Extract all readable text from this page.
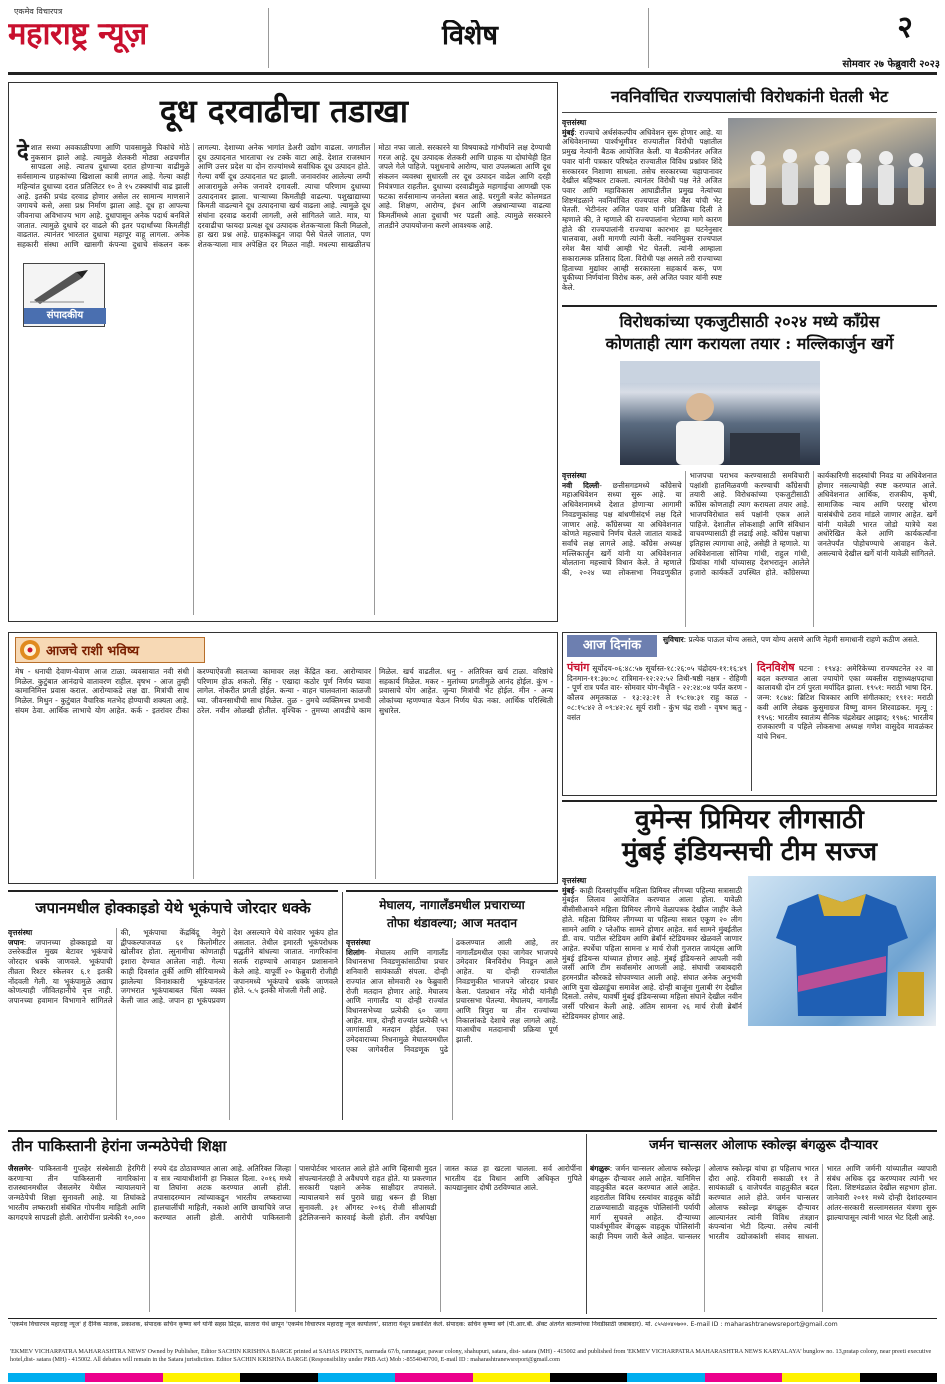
एकमेव विचारपत्र
महाराष्ट्र न्यूज़	विशेष	२
सोमवार २७ फेब्रुवारी २०२३
दूध दरवाढीचा तडाखा
संपादकीय
देशात सध्या अवकाळीपणा आणि पावसामुळे पिकांचे मोठे नुकसान झाले आहे. त्यामुळे शेतकरी मोठ्या अडचणीत सापडला आहे. त्यातच दुधाच्या दरात होणाऱ्या वाढीमुळे सर्वसामान्य ग्राहकांच्या खिशाला कात्री लागत आहे. गेल्या काही महिन्यांत दुधाच्या दरात प्रतिलिटर १० ते १५ टक्क्यांची वाढ झाली आहे. इतकी प्रचंड दरवाढ होणार असेल तर सामान्य माणसाने जगायचे कसे, असा प्रश्न निर्माण झाला आहे. दूध हा आपल्या जीवनाचा अविभाज्य भाग आहे. दुधापासून अनेक पदार्थ बनविले जातात. त्यामुळे दुधाचे दर वाढले की इतर पदार्थांच्या किमतीही वाढतात. त्यानंतर भारतात दुधाचा महापूर वाहू लागला. अनेक सहकारी संस्था आणि खासगी कंपन्या दुधाचे संकलन करू लागल्या. देशाच्या अनेक भागांत डेअरी उद्योग वाढला. जगातील दूध उत्पादनात भारताचा २४ टक्के वाटा आहे. देशात राजस्थान आणि उत्तर प्रदेश या दोन राज्यांमध्ये सर्वाधिक दूध उत्पादन होते. गेल्या वर्षी दूध उत्पादनात घट झाली. जनावरांवर आलेल्या लम्पी आजारामुळे अनेक जनावरे दगावली. त्याचा परिणाम दुधाच्या उत्पादनावर झाला. चाऱ्याच्या किमतीही वाढल्या. पशुखाद्याच्या किमती वाढल्याने दूध उत्पादनाचा खर्च वाढला आहे. त्यामुळे दूध संघांना दरवाढ करावी लागली, असे सांगितले जाते. मात्र, या दरवाढीचा फायदा प्रत्यक्ष दूध उत्पादक शेतकऱ्याला किती मिळतो, हा खरा प्रश्न आहे. ग्राहकांकडून जादा पैसे घेतले जातात, पण शेतकऱ्याला मात्र अपेक्षित दर मिळत नाही. मधल्या साखळीतच मोठा नफा जातो. सरकारने या विषयाकडे गांभीर्याने लक्ष देण्याची गरज आहे. दूध उत्पादक शेतकरी आणि ग्राहक या दोघांचेही हित जपले गेले पाहिजे. पशुधनाचे आरोग्य, चारा उपलब्धता आणि दूध संकलन व्यवस्था सुधारली तर दूध उत्पादन वाढेल आणि दरही नियंत्रणात राहतील. दुधाच्या दरवाढीमुळे महागाईचा आणखी एक फटका सर्वसामान्य जनतेला बसत आहे. घरगुती बजेट कोलमडत आहे. शिक्षण, आरोग्य, इंधन आणि अन्नधान्याच्या वाढत्या किमतींमध्ये आता दुधाची भर पडली आहे. त्यामुळे सरकारने तातडीने उपाययोजना करणे आवश्यक आहे.
नवनिर्वाचित राज्यपालांची विरोधकांनी घेतली भेट
वृत्तसंस्था
मुंबई: राज्याचे अर्थसंकल्पीय अधिवेशन सुरू होणार आहे. या अधिवेशनाच्या पार्श्वभूमीवर राज्यातील विरोधी पक्षातील प्रमुख नेत्यांनी बैठक आयोजित केली. या बैठकीनंतर अजित पवार यांनी पत्रकार परिषदेत राज्यातील विविध प्रश्नांवर शिंदे सरकारवर निशाणा साधला. तसेच सरकारच्या चहापानावर देखील बहिष्कार टाकला. त्यानंतर विरोधी पक्ष नेते अजित पवार आणि महाविकास आघाडीतील प्रमुख नेत्यांच्या शिष्टमंडळाने नवनिर्वाचित राज्यपाल रमेश बैस यांची भेट घेतली. भेटीनंतर अजित पवार यांनी प्रतिक्रिया दिली ते म्हणाले की, ते म्हणाले की राज्यपालांना भेटण्या मागे कारण होते की राज्यपालांनी राज्याचा कारभार हा घटनेनुसार चालवावा, अशी मागणी त्यांनी केली. नवनियुक्त राज्यपाल रमेश बैस यांची आम्ही भेट घेतली. त्यांनी आम्हाला सकारात्मक प्रतिसाद दिला. विरोधी पक्ष असले तरी राज्याच्या हिताच्या मुद्यांवर आम्ही सरकारला सहकार्य करू, पण चुकीच्या निर्णयांना विरोध करू, असे अजित पवार यांनी स्पष्ट केले.
विरोधकांच्या एकजुटीसाठी २०२४ मध्ये काँग्रेस
कोणताही त्याग करायला तयार : मल्लिकार्जुन खर्गे
वृत्तसंस्था
नवी दिल्ली- छत्तीसगडमध्ये काँग्रेसचे महाअधिवेशन सध्या सुरू आहे. या अधिवेशनामध्ये देशात होणाऱ्या आगामी निवडणुकांसह पक्ष बांधणीसंदर्भ लक्ष दिले जाणार आहे. काँग्रेसच्या या अधिवेशनात कोणते महत्त्वाचे निर्णय घेतले जातात याकडे सर्वांचे लक्ष लागले आहे. काँग्रेस अध्यक्ष मल्लिकार्जुन खर्गे यांनी या अधिवेशनात बोलताना महत्त्वाचे विधान केले. ते म्हणाले की, २०२४ च्या लोकसभा निवडणुकीत भाजपचा पराभव करण्यासाठी समविचारी पक्षांशी हातमिळवणी करण्याची काँग्रेसची तयारी आहे. विरोधकांच्या एकजुटीसाठी काँग्रेस कोणताही त्याग करायला तयार आहे. भाजपविरोधात सर्व पक्षांनी एकत्र आले पाहिजे. देशातील लोकशाही आणि संविधान वाचवण्यासाठी ही लढाई आहे. काँग्रेस पक्षाचा इतिहास त्यागाचा आहे, असेही ते म्हणाले. या अधिवेशनाला सोनिया गांधी, राहुल गांधी, प्रियांका गांधी यांच्यासह देशभरातून आलेले हजारो कार्यकर्ते उपस्थित होते. काँग्रेसच्या कार्यकारिणी सदस्यांची निवड या अधिवेशनात होणार नसल्याचेही स्पष्ट करण्यात आले. अधिवेशनात आर्थिक, राजकीय, कृषी, सामाजिक न्याय आणि परराष्ट्र धोरण यासंबंधीचे ठराव मांडले जाणार आहेत. खर्गे यांनी यावेळी भारत जोडो यात्रेचे यश अधोरेखित केले आणि कार्यकर्त्यांना जनतेपर्यंत पोहोचण्याचे आवाहन केले. असल्याचे देखील खर्गे यांनी यावेळी सांगितले.
आजचे राशी भविष्य
मेष - धनाची देवाण-घेवाण आज टाळा. व्यवसायात नवी संधी मिळेल. कुटुंबात आनंदाचे वातावरण राहील. वृषभ - आज तुम्ही कामानिमित्त प्रवास कराल. आरोग्याकडे लक्ष द्या. मित्रांची साथ मिळेल. मिथुन - कुटुंबात वैचारिक मतभेद होण्याची शक्यता आहे. संयम ठेवा. आर्थिक लाभाचे योग आहेत. कर्क - इतरांवर टीका करण्याऐवजी स्वतःच्या कामावर लक्ष केंद्रित करा. आरोग्यावर परिणाम होऊ शकतो. सिंह - एखादा कठोर पूर्ण निर्णय घ्यावा लागेल. नोकरीत प्रगती होईल. कन्या - वाहन चालवताना काळजी घ्या. जीवनसाथीची साथ मिळेल. तुळ - तुमचे व्यक्तिमत्त्व प्रभावी ठरेल. नवीन ओळखी होतील. वृश्चिक - तुमच्या आवडीचे काम मिळेल. खर्च वाढतील. धनु - अतिरिक्त खर्च टाळा. वरिष्ठांचे सहकार्य मिळेल. मकर - मुलांच्या प्रगतीमुळे आनंद होईल. कुंभ - प्रवासाचे योग आहेत. जुन्या मित्रांची भेट होईल. मीन - अन्य लोकांच्या म्हणण्यात येऊन निर्णय घेऊ नका. आर्थिक परिस्थिती सुधारेल.
आज दिनांक	सुविचार: प्रत्येक पाऊल योग्य असते, पण योग्य असणे आणि नेहमी समाधानी राहणे कठीण असते.
पंचांग सूर्योदय-०६:४८:५७ सूर्यास्त-१८:२६:०५ चंद्रोदय-११:१६:४९ दिनमान-११:३७:०८ रात्रिमान-१२:२२:५२ तिथी-षष्ठी नक्षत्र - रोहिणी - पूर्ण रात्र पर्यंत वार- सोमवार योग-वैधृति - २२:२४:०४ पर्यंत करण - कौलव अमृतकाळ - १३:२३:२१ ते १५:१७:३१ राहु काळ - ०८:१५:४२ ते ०९:४२:२८ सूर्य राशी - कुंभ चंद्र राशी - वृषभ ऋतु - वसंत
दिनविशेष घटना : १९४३: अमेरिकेच्या राज्यघटनेत २२ वा बदल करण्यात आला ज्यायोगे एका व्यक्तीस राष्ट्राध्यक्षपदाचा कालावधी दोन टर्म पुरता मर्यादित झाला. १९५१: मराठी भाषा दिन. जन्म: १८७४: ब्रिटिश चित्रकार आणि संगीतकार; १९१२: मराठी कवी आणि लेखक कुसुमाग्रज विष्णु वामन शिरवाडकर. मृत्यू : १९५६: भारतीय स्वातंत्र्य सैनिक चंद्रशेखर आझाद; १९७६: भारतीय राजकारणी व पहिले लोकसभा अध्यक्ष गणेश वासुदेव मावळंकर यांचे निधन.
वुमेन्स प्रिमियर लीगसाठी
मुंबई इंडियन्सची टीम सज्ज
वृत्तसंस्था
मुंबई- काही दिवसांपूर्वीच महिला प्रिमियर लीगच्या पहिल्या सत्रासाठी मुंबईत लिलाव आयोजित करण्यात आला होता. यावेळी बीसीसीआयने महिला प्रिमियर लीगचे वेळापत्रक देखील जाहीर केले होते. महिला प्रिमियर लीगच्या या पहिल्या सत्रात एकूण २० लीग सामने आणि २ प्लेऑफ सामने होणार आहेत. सर्व सामने मुंबईतील डी. वाय. पाटील स्टेडियम आणि ब्रेबॉर्न स्टेडियमवर खेळवले जाणार आहेत. स्पर्धेचा पहिला सामना ४ मार्च रोजी गुजरात जायंट्स आणि मुंबई इंडियन्स यांच्यात होणार आहे. मुंबई इंडियन्सने आपली नवी जर्सी आणि टीम सर्वांसमोर आणली आहे. संघाची जबाबदारी हरमनप्रीत कौरकडे सोपवण्यात आली आहे. संघात अनेक अनुभवी आणि युवा खेळाडूंचा समावेश आहे. दोन्ही बाजूंना गुलाबी रंग देखील दिसतो. तसेच, यावर्षी मुंबई इंडियन्सच्या महिला संघाने देखील नवीन जर्सी परिधान केली आहे. अंतिम सामना २६ मार्च रोजी ब्रेबॉर्न स्टेडियमवर होणार आहे.
जपानमधील होक्काइडो येथे भूकंपाचे जोरदार धक्के
वृत्तसंस्था
जपान: जपानच्या होक्काइडो या उत्तरेकडील मुख्य बेटावर भूकंपाचे जोरदार धक्के जाणवले. भूकंपाची तीव्रता रिश्टर स्केलवर ६.१ इतकी नोंदवली गेली. या भूकंपामुळे अद्याप कोणत्याही जीवितहानीचे वृत्त नाही. जपानच्या हवामान विभागाने सांगितले की, भूकंपाचा केंद्रबिंदू नेमुरो द्वीपकल्पाजवळ ६१ किलोमीटर खोलीवर होता. त्सुनामीचा कोणताही इशारा देण्यात आलेला नाही. गेल्या काही दिवसांत तुर्की आणि सीरियामध्ये झालेल्या विनाशकारी भूकंपानंतर जगभरात भूकंपाबाबत चिंता व्यक्त केली जात आहे. जपान हा भूकंपप्रवण देश असल्याने येथे वारंवार भूकंप होत असतात. तेथील इमारती भूकंपरोधक पद्धतीने बांधल्या जातात. नागरिकांना सतर्क राहण्याचे आवाहन प्रशासनाने केले आहे. यापूर्वी २० फेब्रुवारी रोजीही जपानमध्ये भूकंपाचे धक्के जाणवले होते. ५.५ इतकी मोजली गेली आहे.
मेघालय, नागालँडमधील प्रचाराच्या
तोफा थंडावल्या; आज मतदान
वृत्तसंस्था
शिलांग- मेघालय आणि नागालँड विधानसभा निवडणुकांसाठीचा प्रचार शनिवारी सायंकाळी संपला. दोन्ही राज्यांत आज सोमवारी २७ फेब्रुवारी रोजी मतदान होणार आहे. मेघालय आणि नागालँड या दोन्ही राज्यांत विधानसभेच्या प्रत्येकी ६० जागा आहेत. मात्र, दोन्ही राज्यांत प्रत्येकी ५९ जागांसाठी मतदान होईल. एका उमेदवाराच्या निधनामुळे मेघालयमधील एका जागेवरील निवडणूक पुढे ढकलण्यात आली आहे, तर नागालँडमधील एका जागेवर भाजपचे उमेदवार बिनविरोध निवडून आले आहेत. या दोन्ही राज्यांतील निवडणुकीत भाजपने जोरदार प्रचार केला. पंतप्रधान नरेंद्र मोदी यांनीही प्रचारसभा घेतल्या. मेघालय, नागालँड आणि त्रिपुरा या तीन राज्यांच्या निकालांकडे देशाचे लक्ष लागले आहे. याआधीच मतदानाची प्रक्रिया पूर्ण झाली.
तीन पाकिस्तानी हेरांना जन्मठेपेची शिक्षा
जैसलमेर- पाकिस्तानी गुप्तहेर संस्थेसाठी हेरगिरी करणाऱ्या तीन पाकिस्तानी नागरिकांना राजस्थानमधील जैसलमेर येथील न्यायालयाने जन्मठेपेची शिक्षा सुनावली आहे. या तिघांकडे भारतीय लष्कराशी संबंधित गोपनीय माहिती आणि कागदपत्रे सापडली होती. आरोपींना प्रत्येकी १०,००० रुपये दंड ठोठावण्यात आला आहे. अतिरिक्त जिल्हा व सत्र न्यायाधीशांनी हा निकाल दिला. २०१६ मध्ये या तिघांना अटक करण्यात आली होती. तपासादरम्यान त्यांच्याकडून भारतीय लष्कराच्या हालचालींची माहिती, नकाशे आणि छायाचित्रे जप्त करण्यात आली होती. आरोपी पाकिस्तानी पासपोर्टवर भारतात आले होते आणि व्हिसाची मुदत संपल्यानंतरही ते अवैधपणे राहत होते. या प्रकरणात सरकारी पक्षाने अनेक साक्षीदार तपासले. न्यायालयाने सर्व पुरावे ग्राह्य धरून ही शिक्षा सुनावली. ३१ ऑगस्ट २०१६ रोजी सीआयडी इंटेलिजन्सने कारवाई केली होती. तीन वर्षांपेक्षा जास्त काळ हा खटला चालला. सर्व आरोपींना भारतीय दंड विधान आणि अधिकृत गुपिते कायद्यानुसार दोषी ठरविण्यात आले.
जर्मन चान्सलर ओलाफ स्कोल्झ बंगळुरू दौऱ्यावर
बंगळुरू: जर्मन चान्सलर ओलाफ स्कोल्झ बंगळुरू दौऱ्यावर आले आहेत. यानिमित्त वाहतुकीत बदल करण्यात आले आहेत. शहरातील विविध रस्त्यांवर वाहतूक कोंडी टाळण्यासाठी वाहतूक पोलिसांनी पर्यायी मार्ग सुचवले आहेत. दौऱ्याच्या पार्श्वभूमीवर बेंगळुरू वाहतूक पोलिसांनी काही नियम जारी केले आहेत. चान्सलर ओलाफ स्कोल्झ यांचा हा पहिलाच भारत दौरा आहे. रविवारी सकाळी ११ ते सायंकाळी ६ वाजेपर्यंत वाहतुकीत बदल करण्यात आले होते. जर्मन चान्सलर ओलाफ स्कोल्झ बंगळुरू दौऱ्यावर आल्यानंतर त्यांनी विविध तंत्रज्ञान कंपन्यांना भेटी दिल्या. तसेच त्यांनी भारतीय उद्योजकांशी संवाद साधला. भारत आणि जर्मनी यांच्यातील व्यापारी संबंध अधिक दृढ करण्यावर त्यांनी भर दिला. शिष्टमंडळात देखील सहभाग होता. जानेवारी २०११ मध्ये दोन्ही देशांदरम्यान आंतर-सरकारी सल्लामसलत यंत्रणा सुरू झाल्यापासून त्यांनी भारत भेट दिली आहे.
'एकमेव विचारपत्र महाराष्ट्र न्यूज' हे दैनिक मालक, प्रकाशक, संपादक सचिन कृष्णा बर्गे यांनी सहस प्रिंट्स, सातारा येथे छापून 'एकमेव विचारपत्र महाराष्ट्र न्यूज कार्यालय', सातारा येथून प्रकाशित केले. संपादक: सचिन कृष्णा बर्गे (पी.आर.बी. ॲक्ट अंतर्गत बातम्यांच्या निवडीसाठी जबाबदार). मो. ८५५४०४०७००. E-mail ID : maharashtranewsreport@gmail.com
'EKMEV VICHARPATRA MAHARASHTRA NEWS' Owned by Publisher, Editor SACHIN KRISHNA BARGE printed at SAHAS PRINTS, narmada 67/b, ramnagar, pawar colony, shahupuri, satara, dist- satara (MH) - 415002 and published from 'EKMEV VICHARPATRA MAHARASHTRA NEWS KARYALAYA' bunglow no. 13,pratap colony, near preeti executive hotel,dist- satara (MH) - 415002. All debates will remain in the Satara jurisdiction. Editor SACHIN KRISHNA BARGE (Responsibility under PRB Act) Mob :-8554040700, E-mail ID : maharashtranewsreport@gmail.com
